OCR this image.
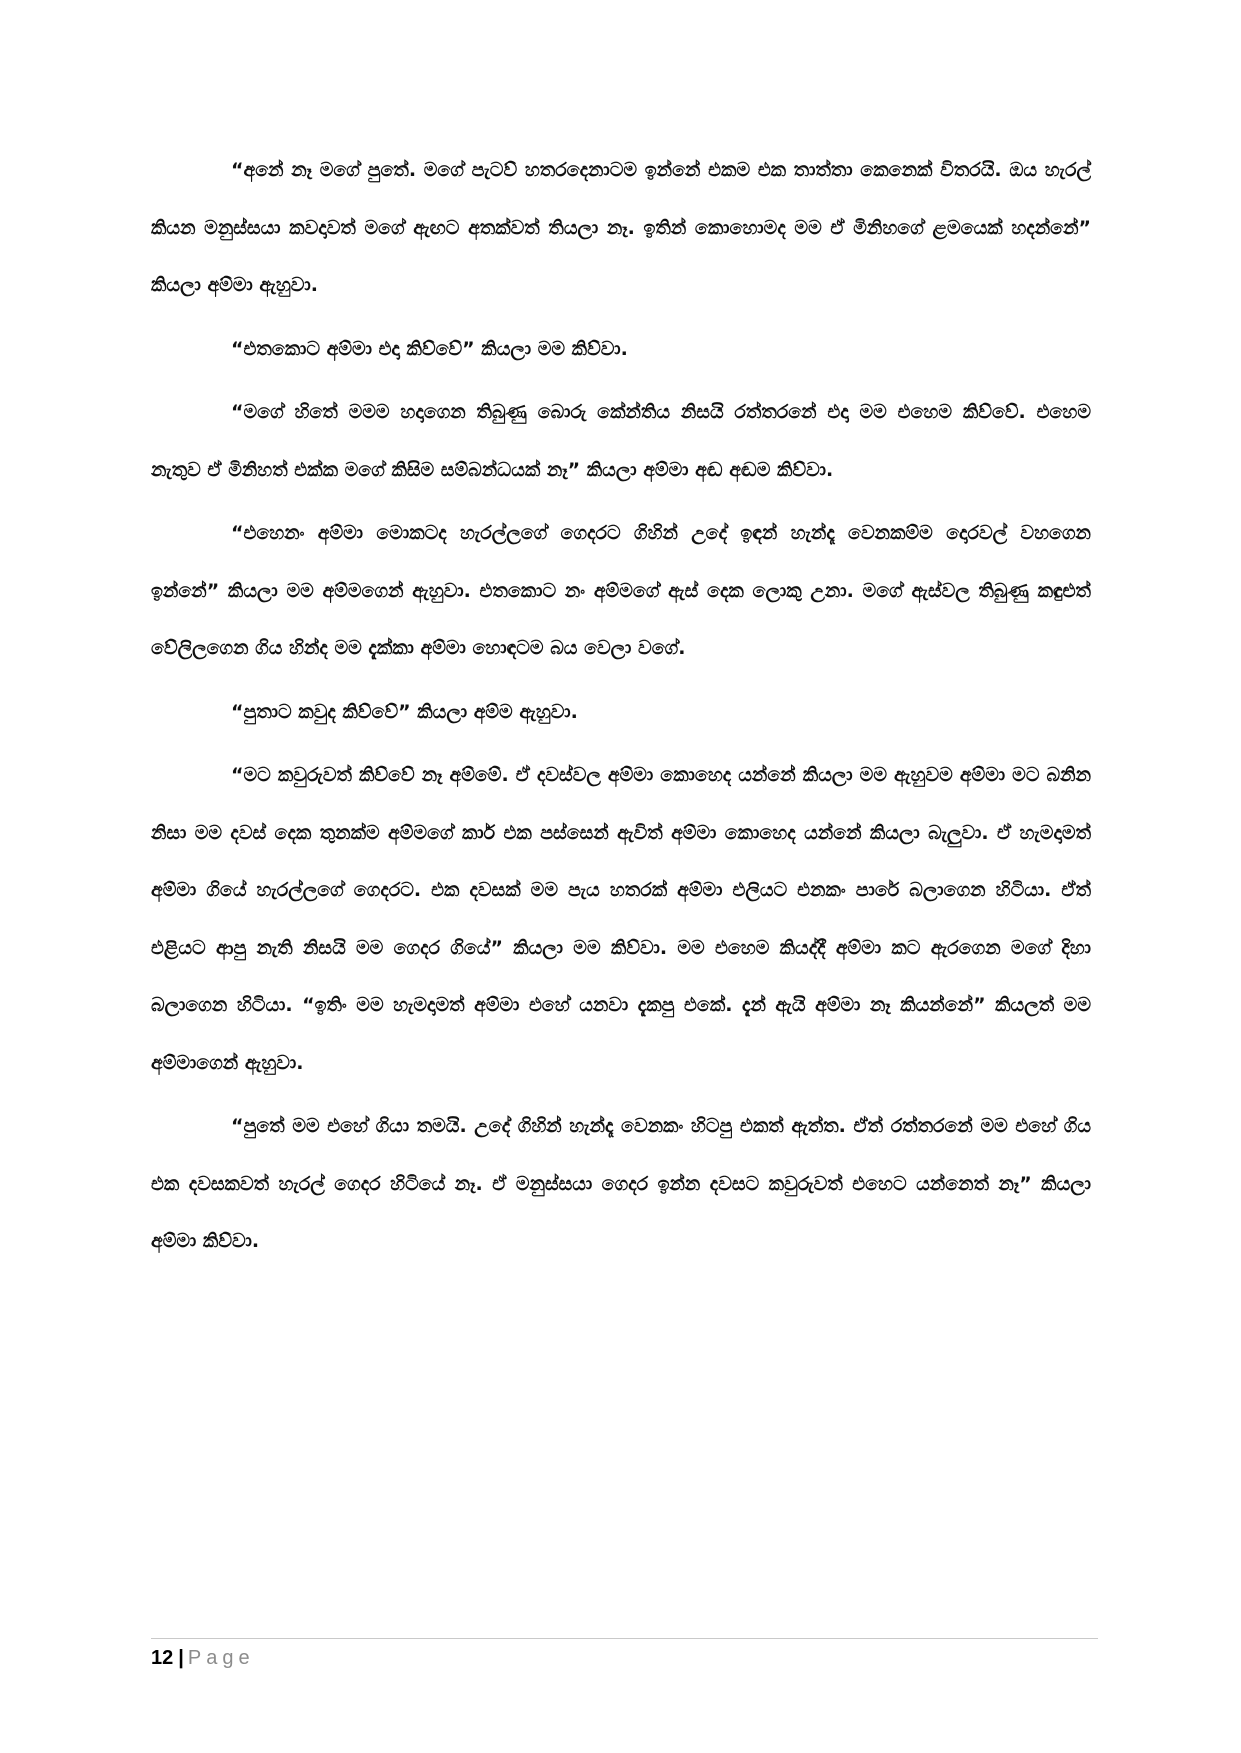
“අනේ නෑ මගේ පුතේ. මගේ පැටව් හතරදෙනාටම ඉන්නේ එකම එක තාත්තා කෙනෙක් විතරයි. ඔය හැරල් කියන මනුස්සයා කවදාවත් මගේ ඇඟට අතක්වත් තියලා නෑ. ඉතින් කොහොමද මම ඒ මිනිහගේ ළමයෙක් හදන්නේ” කියලා අම්මා ඇහුවා.

“එතකොට අම්මා එදා කිව්වේ” කියලා මම කිව්වා.

“මගේ හිතේ මමම හදාගෙන තිබුණු බොරු කේන්තිය නිසයි රත්තරනේ එදා මම එහෙම කිව්වේ. එහෙම නැතුව ඒ මිනිහත් එක්ක මගේ කිසිම සම්බන්ධයක් නෑ” කියලා අම්මා අඬ අඬම කිව්වා.

“එහෙනං අම්මා මොකටද හැරල්ලගේ ගෙදරට ගිහින් උදේ ඉඳන් හැන්දෑ වෙනකම්ම දොරවල් වහගෙන ඉන්නේ” කියලා මම අම්මගෙන් ඇහුවා. එතකොට නං අම්මගේ ඇස් දෙක ලොකු උනා. මගේ ඇස්වල තිබුණු කඳුළුත් වේලිලගෙන ගිය හින්ද මම දැක්කා අම්මා හොඳටම බය වෙලා වගේ.

“පුතාට කවුද කිව්වේ” කියලා අම්ම ඇහුවා.

“මට කවුරුවත් කිව්වේ නෑ අම්මේ. ඒ දවස්වල අම්මා කොහෙද යන්නේ කියලා මම ඇහුවම අම්මා මට බනින නිසා මම දවස් දෙක තුනක්ම අම්මගේ කාර් එක පස්සෙන් ඇවිත් අම්මා කොහෙද යන්නේ කියලා බැලුවා. ඒ හැමදාමත් අම්මා ගියේ හැරල්ලගේ ගෙදරට. එක දවසක් මම පැය හතරක් අම්මා එලියට එනකං පාරේ බලාගෙන හිටියා. ඒත් එළියට ආපු නැති නිසයි මම ගෙදර ගියේ” කියලා මම කිව්වා. මම එහෙම කියද්දී අම්මා කට ඇරගෙන මගේ දිහා බලාගෙන හිටියා. “ඉතිං මම හැමදාමත් අම්මා එහේ යනවා දැකපු එකේ. දැන් ඇයි අම්මා නෑ කියන්නේ” කියලත් මම අම්මාගෙන් ඇහුවා.

“පුතේ මම එහේ ගියා තමයි. උදේ ගිහින් හැන්දෑ වෙනකං හිටපු එකත් ඇත්ත. ඒත් රත්තරනේ මම එහේ ගිය එක දවසකවත් හැරල් ගෙදර හිටියේ නෑ. ඒ මනුස්සයා ගෙදර ඉන්න දවසට කවුරුවත් එහෙට යන්නෙත් නෑ” කියලා අම්මා කිව්වා.

12 | Page
